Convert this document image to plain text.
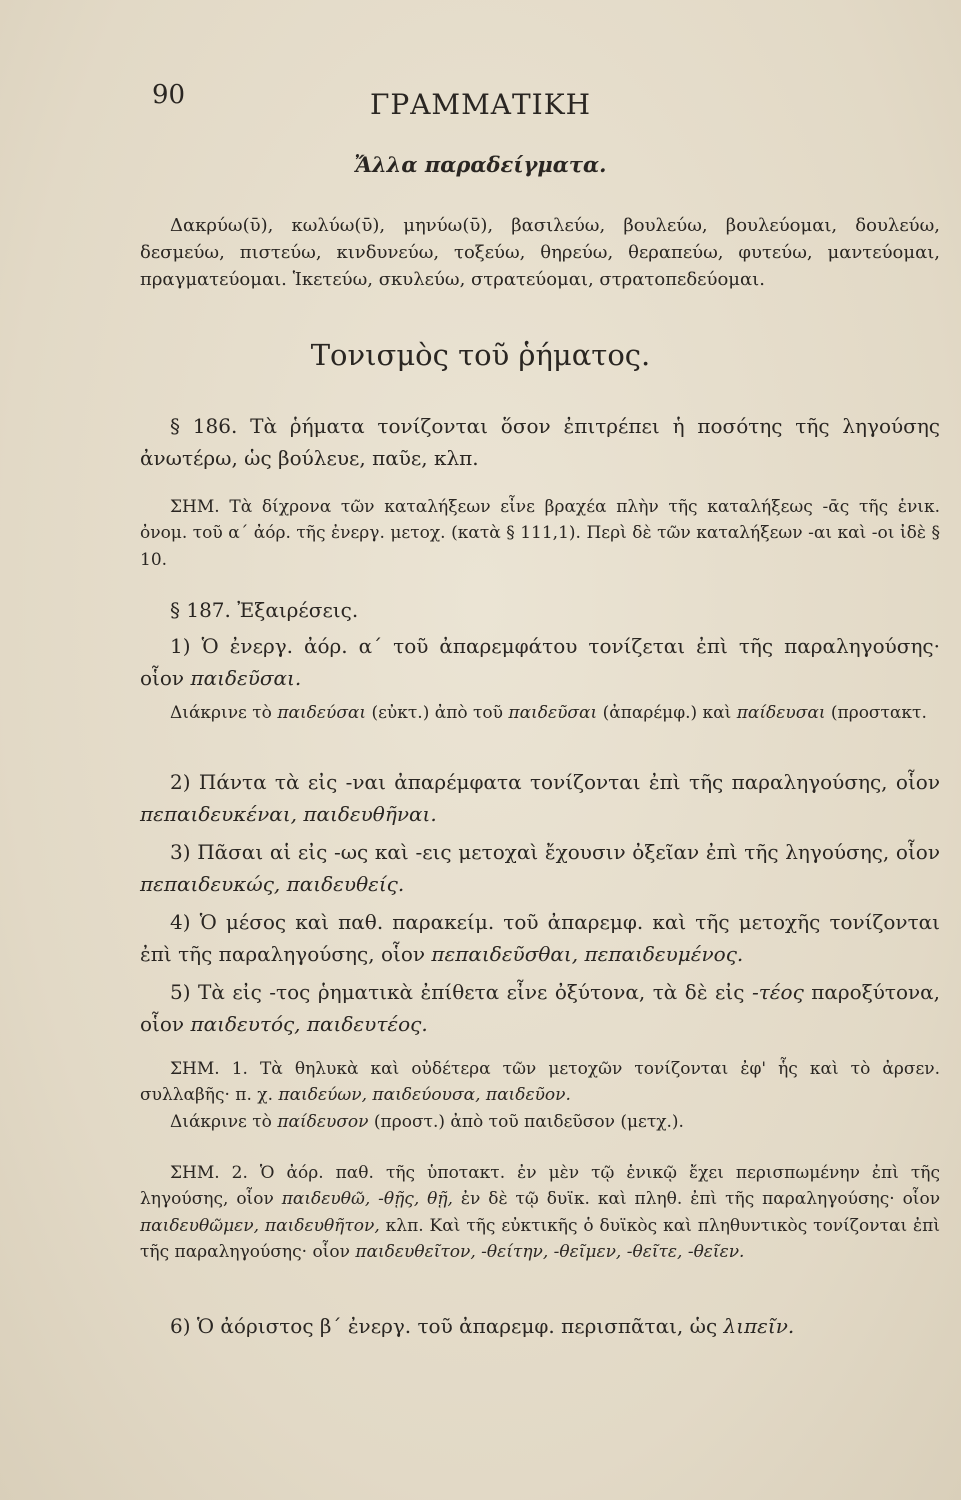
90	ΓΡΑΜΜΑΤΙΚΗ
Ἄλλα παραδείγματα.

Δακρύω(ῡ), κωλύω(ῡ), μηνύω(ῡ), βασιλεύω, βουλεύω, βουλεύομαι, δουλεύω, δεσμεύω, πιστεύω, κινδυνεύω, τοξεύω, θηρεύω, θεραπεύω, φυτεύω, μαντεύομαι, πραγματεύομαι. Ἱκετεύω, σκυλεύω, στρατεύομαι, στρατοπεδεύομαι.

Τονισμὸς τοῦ ῥήματος.

§ 186. Τὰ ῥήματα τονίζονται ὅσον ἐπιτρέπει ἡ ποσότης τῆς ληγούσης ἀνωτέρω, ὡς βούλευε, παῦε, κλπ.

ΣΗΜ. Τὰ δίχρονα τῶν καταλήξεων εἶνε βραχέα πλὴν τῆς καταλήξεως -ᾱς τῆς ἑνικ. ὀνομ. τοῦ α΄ ἀόρ. τῆς ἐνεργ. μετοχ. (κατὰ § 111,1). Περὶ δὲ τῶν καταλήξεων -αι καὶ -οι ἰδὲ § 10.

§ 187. Ἐξαιρέσεις.

1) Ὁ ἐνεργ. ἀόρ. α΄ τοῦ ἀπαρεμφάτου τονίζεται ἐπὶ τῆς παραληγούσης· οἷον παιδεῦσαι.

Διάκρινε τὸ παιδεύσαι (εὐκτ.) ἀπὸ τοῦ παιδεῦσαι (ἀπαρέμφ.) καὶ παίδευσαι (προστακτ.

2) Πάντα τὰ εἰς -ναι ἀπαρέμφατα τονίζονται ἐπὶ τῆς παραληγούσης, οἷον πεπαιδευκέναι, παιδευθῆναι.

3) Πᾶσαι αἱ εἰς -ως καὶ -εις μετοχαὶ ἔχουσιν ὀξεῖαν ἐπὶ τῆς ληγούσης, οἷον πεπαιδευκώς, παιδευθείς.

4) Ὁ μέσος καὶ παθ. παρακείμ. τοῦ ἀπαρεμφ. καὶ τῆς μετοχῆς τονίζονται ἐπὶ τῆς παραληγούσης, οἷον πεπαιδεῦσθαι, πεπαιδευμένος.

5) Τὰ εἰς -τος ῥηματικὰ ἐπίθετα εἶνε ὀξύτονα, τὰ δὲ εἰς -τέος παροξύτονα, οἷον παιδευτός, παιδευτέος.

ΣΗΜ. 1. Τὰ θηλυκὰ καὶ οὐδέτερα τῶν μετοχῶν τονίζονται ἐφ' ἧς καὶ τὸ ἀρσεν. συλλαβῆς· π. χ. παιδεύων, παιδεύουσα, παιδεῦον.

Διάκρινε τὸ παίδευσον (προστ.) ἀπὸ τοῦ παιδεῦσον (μετχ.).

ΣΗΜ. 2. Ὁ ἀόρ. παθ. τῆς ὑποτακτ. ἐν μὲν τῷ ἑνικῷ ἔχει περισπωμένην ἐπὶ τῆς ληγούσης, οἷον παιδευθῶ, -θῇς, θῇ, ἐν δὲ τῷ δυϊκ. καὶ πληθ. ἐπὶ τῆς παραληγούσης· οἷον παιδευθῶμεν, παιδευθῆτον, κλπ. Καὶ τῆς εὐκτικῆς ὁ δυϊκὸς καὶ πληθυντικὸς τονίζονται ἐπὶ τῆς παραληγούσης· οἷον παιδευθεῖτον, -θείτην, -θεῖμεν, -θεῖτε, -θεῖεν.

6) Ὁ ἀόριστος β΄ ἐνεργ. τοῦ ἀπαρεμφ. περισπᾶται, ὡς λιπεῖν.
